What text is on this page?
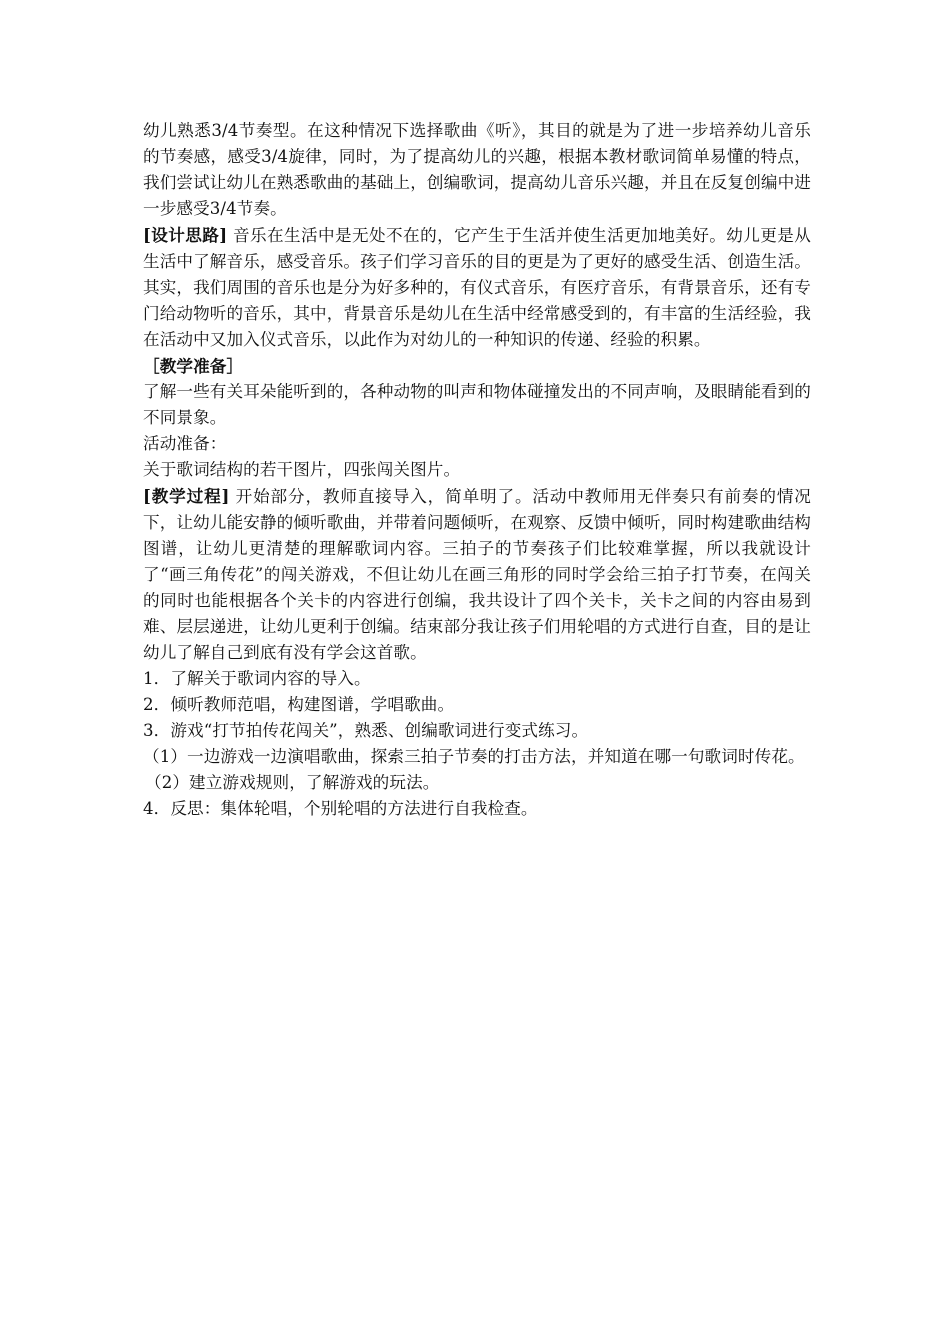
幼儿熟悉3/4节奏型。在这种情况下选择歌曲《听》，其目的就是为了进一步培养幼儿音乐的节奏感，感受3/4旋律，同时，为了提高幼儿的兴趣，根据本教材歌词简单易懂的特点，我们尝试让幼儿在熟悉歌曲的基础上，创编歌词，提高幼儿音乐兴趣，并且在反复创编中进一步感受3/4节奏。

[设计思路] 音乐在生活中是无处不在的，它产生于生活并使生活更加地美好。幼儿更是从生活中了解音乐，感受音乐。孩子们学习音乐的目的更是为了更好的感受生活、创造生活。其实，我们周围的音乐也是分为好多种的，有仪式音乐，有医疗音乐，有背景音乐，还有专门给动物听的音乐，其中，背景音乐是幼儿在生活中经常感受到的，有丰富的生活经验，我在活动中又加入仪式音乐，以此作为对幼儿的一种知识的传递、经验的积累。

［教学准备］

了解一些有关耳朵能听到的，各种动物的叫声和物体碰撞发出的不同声响，及眼睛能看到的不同景象。

活动准备：

关于歌词结构的若干图片，四张闯关图片。

[教学过程] 开始部分，教师直接导入，简单明了。活动中教师用无伴奏只有前奏的情况下，让幼儿能安静的倾听歌曲，并带着问题倾听，在观察、反馈中倾听，同时构建歌曲结构图谱，让幼儿更清楚的理解歌词内容。三拍子的节奏孩子们比较难掌握，所以我就设计了“画三角传花”的闯关游戏，不但让幼儿在画三角形的同时学会给三拍子打节奏，在闯关的同时也能根据各个关卡的内容进行创编，我共设计了四个关卡，关卡之间的内容由易到难、层层递进，让幼儿更利于创编。结束部分我让孩子们用轮唱的方式进行自查，目的是让幼儿了解自己到底有没有学会这首歌。

1．了解关于歌词内容的导入。

2．倾听教师范唱，构建图谱，学唱歌曲。

3．游戏“打节拍传花闯关”，熟悉、创编歌词进行变式练习。

（1）一边游戏一边演唱歌曲，探索三拍子节奏的打击方法，并知道在哪一句歌词时传花。

（2）建立游戏规则，了解游戏的玩法。

4．反思：集体轮唱，个别轮唱的方法进行自我检查。
